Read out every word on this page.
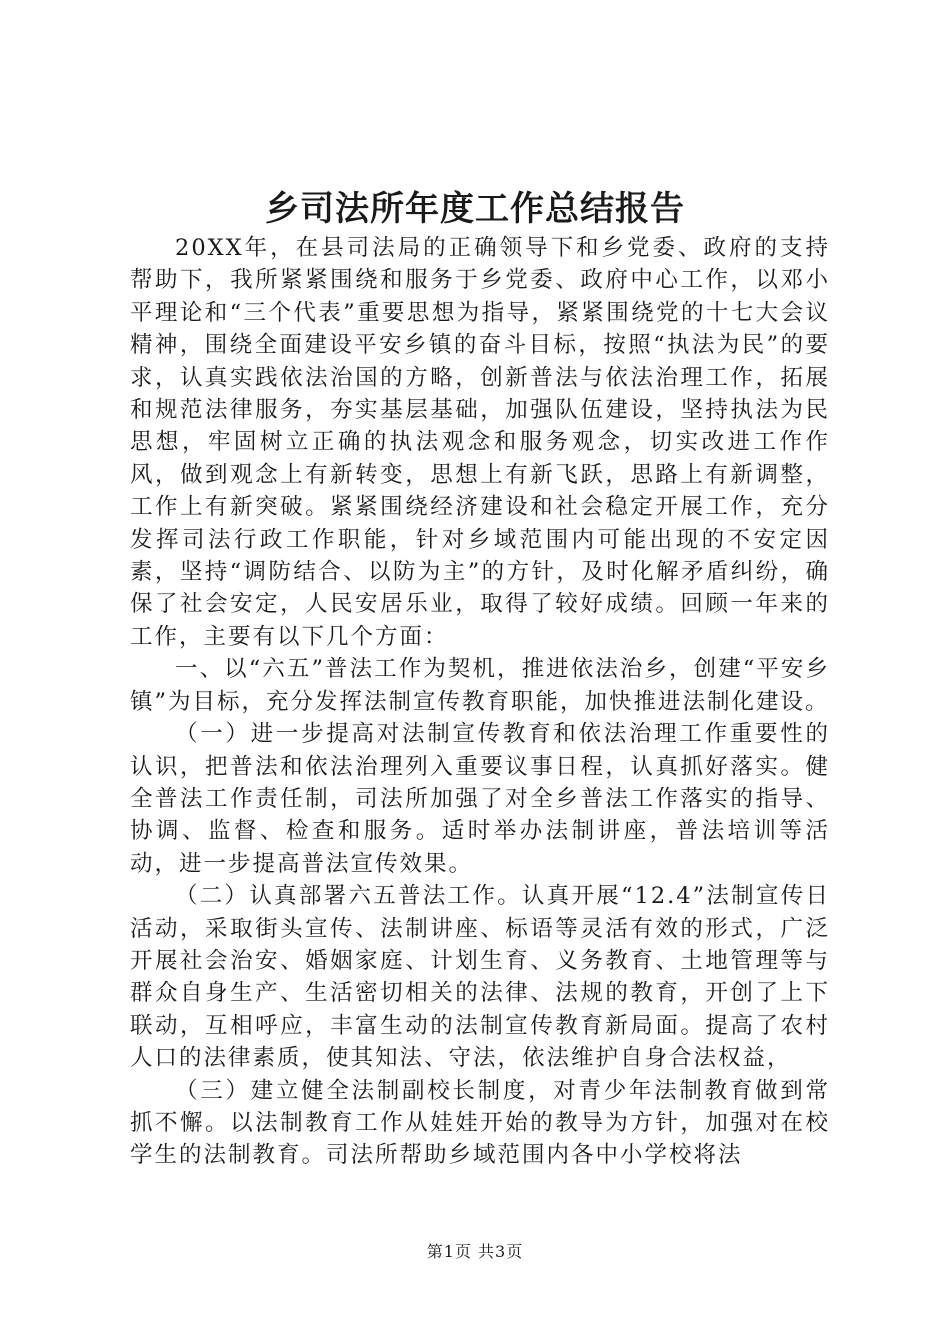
乡司法所年度工作总结报告

20XX年，在县司法局的正确领导下和乡党委、政府的支持帮助下，我所紧紧围绕和服务于乡党委、政府中心工作，以邓小平理论和“三个代表”重要思想为指导，紧紧围绕党的十七大会议精神，围绕全面建设平安乡镇的奋斗目标，按照“执法为民”的要求，认真实践依法治国的方略，创新普法与依法治理工作，拓展和规范法律服务，夯实基层基础，加强队伍建设，坚持执法为民思想，牢固树立正确的执法观念和服务观念，切实改进工作作风，做到观念上有新转变，思想上有新飞跃，思路上有新调整，工作上有新突破。紧紧围绕经济建设和社会稳定开展工作，充分发挥司法行政工作职能，针对乡域范围内可能出现的不安定因素，坚持“调防结合、以防为主”的方针，及时化解矛盾纠纷，确保了社会安定，人民安居乐业，取得了较好成绩。回顾一年来的工作，主要有以下几个方面：

一、以“六五”普法工作为契机，推进依法治乡，创建“平安乡镇”为目标，充分发挥法制宣传教育职能，加快推进法制化建设。

（一）进一步提高对法制宣传教育和依法治理工作重要性的认识，把普法和依法治理列入重要议事日程，认真抓好落实。健全普法工作责任制，司法所加强了对全乡普法工作落实的指导、协调、监督、检查和服务。适时举办法制讲座，普法培训等活动，进一步提高普法宣传效果。

（二）认真部署六五普法工作。认真开展“12.4”法制宣传日活动，采取街头宣传、法制讲座、标语等灵活有效的形式，广泛开展社会治安、婚姻家庭、计划生育、义务教育、土地管理等与群众自身生产、生活密切相关的法律、法规的教育，开创了上下联动，互相呼应，丰富生动的法制宣传教育新局面。提高了农村人口的法律素质，使其知法、守法，依法维护自身合法权益，

（三）建立健全法制副校长制度，对青少年法制教育做到常抓不懈。以法制教育工作从娃娃开始的教导为方针，加强对在校学生的法制教育。司法所帮助乡域范围内各中小学校将法

第1页 共3页
